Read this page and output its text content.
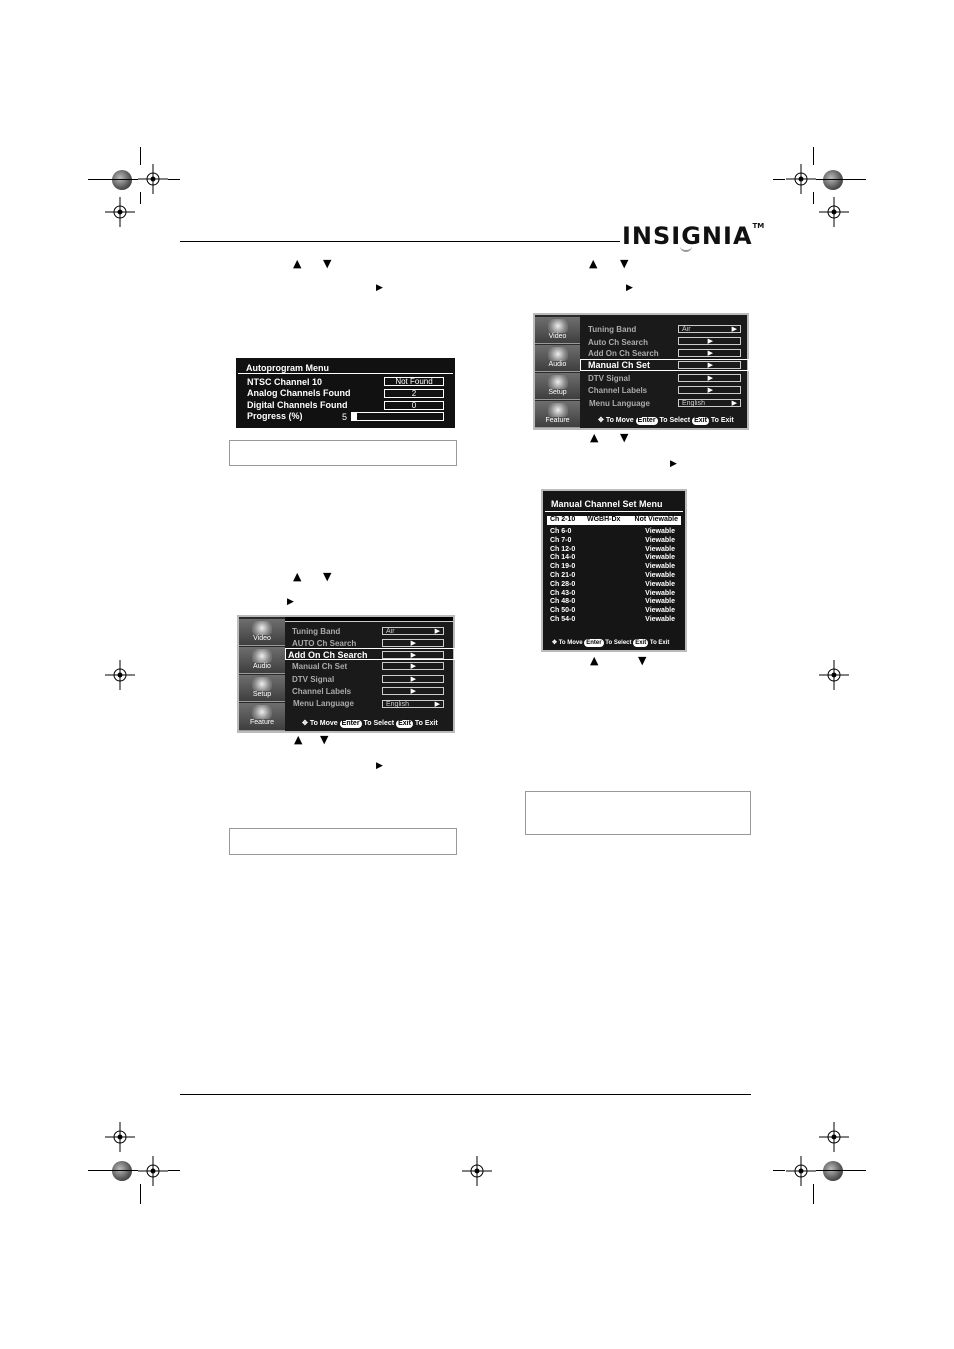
INSIGNIA™
▲ ▼
▶
Autoprogram Menu
NTSC Channel 10	Not Found
Analog Channels Found	2
Digital Channels Found	0
Progress (%)	5
▲ ▼
▶
Video
Audio
Setup
Feature
Tuning Band	Air	▶
AUTO Ch Search	▶
Add On Ch Search	▶
Manual Ch Set	▶
DTV Signal	▶
Channel Labels	▶
Menu Language	English	▶
✥ To Move Enter To Select Exit To Exit
▲ ▼
▶
▲ ▼
▶
Video
Audio
Setup
Feature
Tuning Band	Air	▶
Auto Ch Search	▶
Add On Ch Search	▶
Manual Ch Set	▶
DTV Signal	▶
Channel Labels	▶
Menu Language	English	▶
✥ To Move Enter To Select Exit To Exit
▲ ▼
▶
Manual Channel Set Menu
Ch 2-10 WGBH-Dx Not Viewable
Ch 6-0	Viewable
Ch 7-0	Viewable
Ch 12-0	Viewable
Ch 14-0	Viewable
Ch 19-0	Viewable
Ch 21-0	Viewable
Ch 28-0	Viewable
Ch 43-0	Viewable
Ch 48-0	Viewable
Ch 50-0	Viewable
Ch 54-0	Viewable
✥ To Move Enter To Select Exit To Exit
▲	▼
